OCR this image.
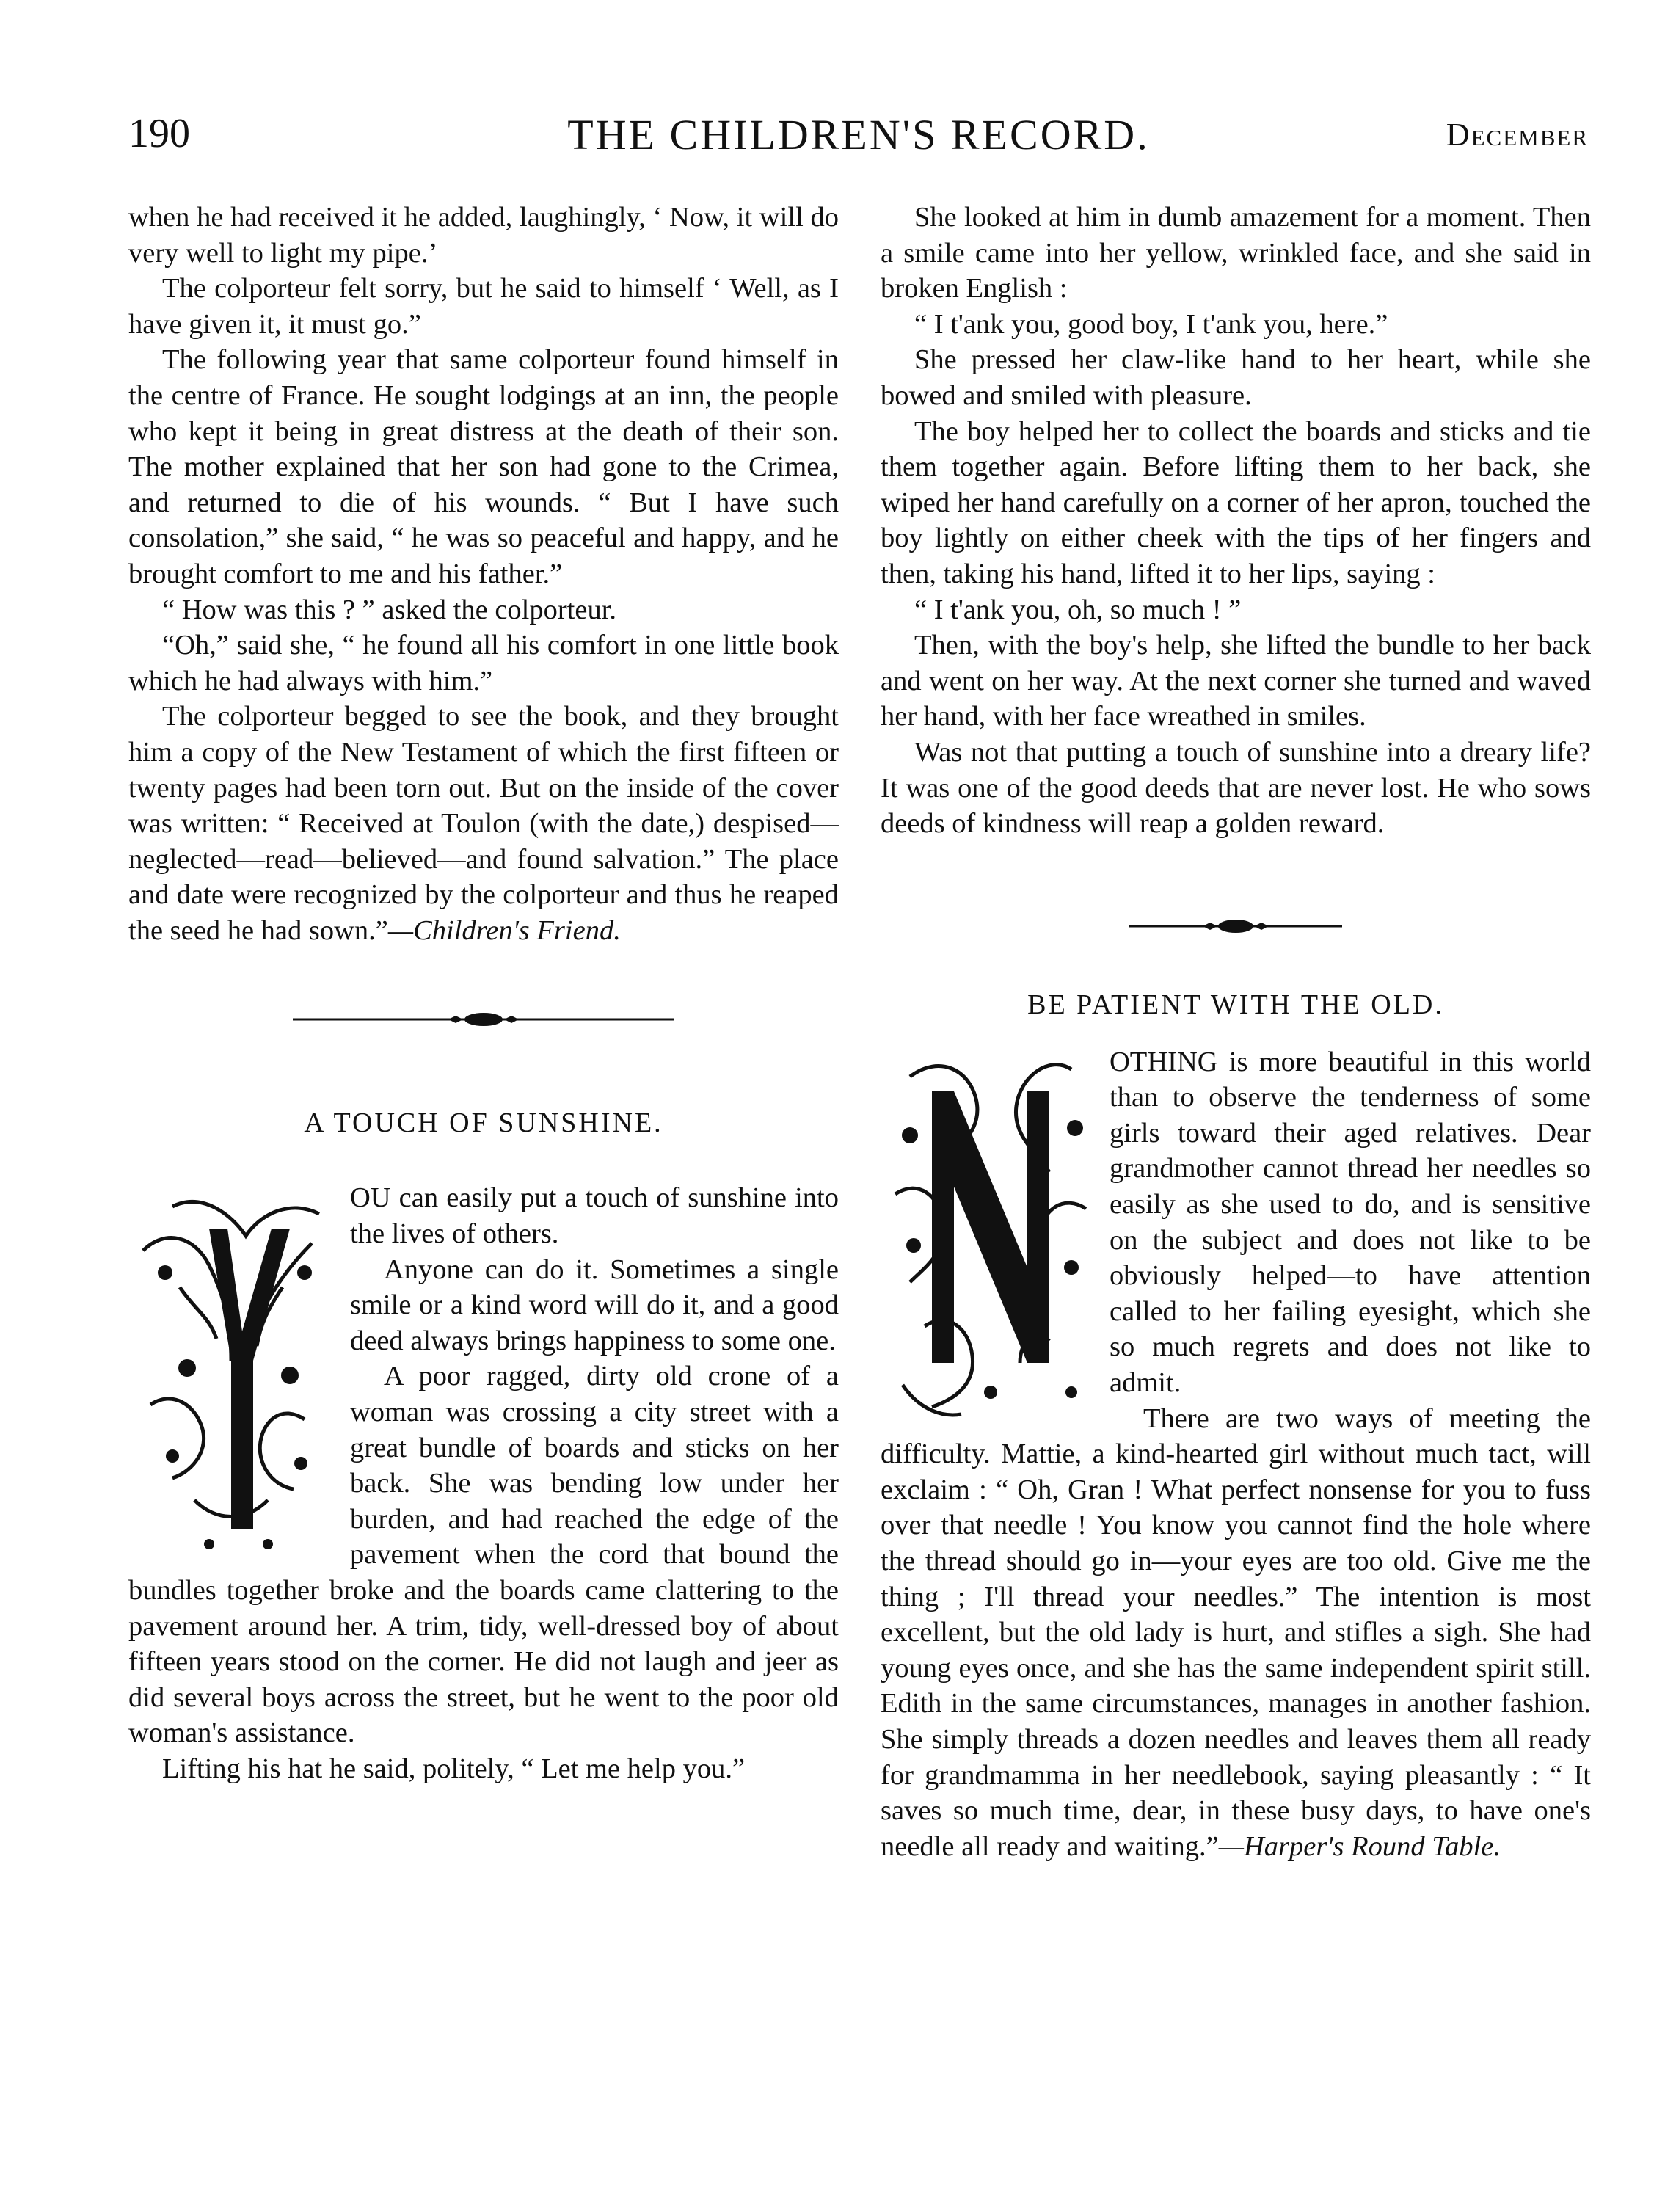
190	THE CHILDREN'S RECORD.	December

when he had received it he added, laughingly, ‘ Now, it will do very well to light my pipe.’

The colporteur felt sorry, but he said to himself ‘ Well, as I have given it, it must go.”

The following year that same colporteur found himself in the centre of France. He sought lodgings at an inn, the people who kept it being in great distress at the death of their son. The mother explained that her son had gone to the Crimea, and returned to die of his wounds. “ But I have such consolation,” she said, “ he was so peaceful and happy, and he brought comfort to me and his father.”

“ How was this ? ” asked the colporteur.

“Oh,” said she, “ he found all his comfort in one little book which he had always with him.”

The colporteur begged to see the book, and they brought him a copy of the New Testament of which the first fifteen or twenty pages had been torn out. But on the inside of the cover was written: “ Received at Toulon (with the date,) despised—neglected—read—believed—and found salvation.” The place and date were recognized by the colporteur and thus he reaped the seed he had sown.”—Children's Friend.

A TOUCH OF SUNSHINE.

OU can easily put a touch of sunshine into the lives of others.

Anyone can do it. Sometimes a single smile or a kind word will do it, and a good deed always brings happiness to some one.

A poor ragged, dirty old crone of a woman was crossing a city street with a great bundle of boards and sticks on her back. She was bending low under her burden, and had reached the edge of the pavement when the cord that bound the bundles together broke and the boards came clattering to the pavement around her. A trim, tidy, well-dressed boy of about fifteen years stood on the corner. He did not laugh and jeer as did several boys across the street, but he went to the poor old woman's assistance.

Lifting his hat he said, politely, “ Let me help you.”

She looked at him in dumb amazement for a moment. Then a smile came into her yellow, wrinkled face, and she said in broken English :

“ I t'ank you, good boy, I t'ank you, here.”

She pressed her claw-like hand to her heart, while she bowed and smiled with pleasure.

The boy helped her to collect the boards and sticks and tie them together again. Before lifting them to her back, she wiped her hand carefully on a corner of her apron, touched the boy lightly on either cheek with the tips of her fingers and then, taking his hand, lifted it to her lips, saying :

“ I t'ank you, oh, so much ! ”

Then, with the boy's help, she lifted the bundle to her back and went on her way. At the next corner she turned and waved her hand, with her face wreathed in smiles.

Was not that putting a touch of sunshine into a dreary life? It was one of the good deeds that are never lost. He who sows deeds of kindness will reap a golden reward.

BE PATIENT WITH THE OLD.

OTHING is more beautiful in this world than to observe the tenderness of some girls toward their aged relatives. Dear grandmother cannot thread her needles so easily as she used to do, and is sensitive on the subject and does not like to be obviously helped—to have attention called to her failing eyesight, which she so much regrets and does not like to admit.

There are two ways of meeting the difficulty. Mattie, a kind-hearted girl without much tact, will exclaim : “ Oh, Gran ! What perfect nonsense for you to fuss over that needle ! You know you cannot find the hole where the thread should go in—your eyes are too old. Give me the thing ; I'll thread your needles.” The intention is most excellent, but the old lady is hurt, and stifles a sigh. She had young eyes once, and she has the same independent spirit still. Edith in the same circumstances, manages in another fashion. She simply threads a dozen needles and leaves them all ready for grandmamma in her needlebook, saying pleasantly : “ It saves so much time, dear, in these busy days, to have one's needle all ready and waiting.”—Harper's Round Table.
